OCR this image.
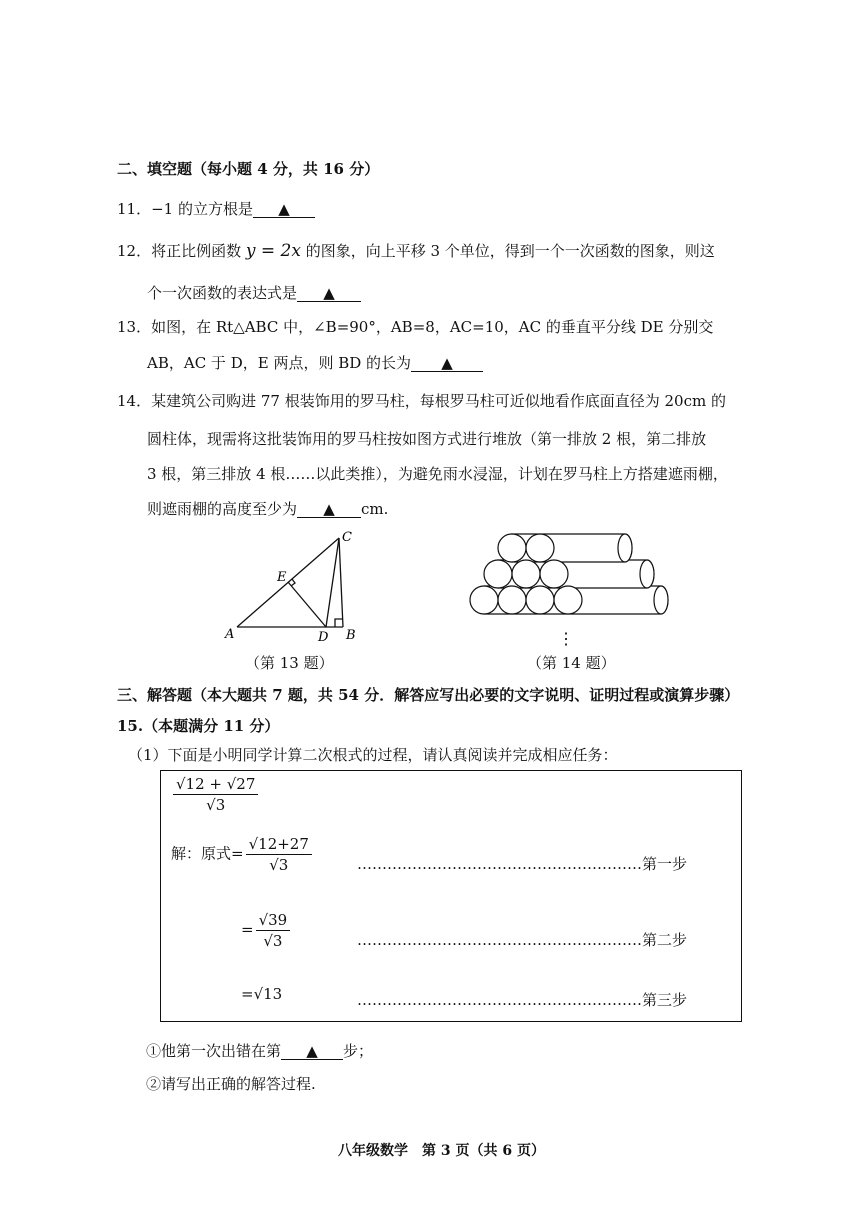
二、填空题（每小题 4 分，共 16 分）
11．−1 的立方根是 ▲
12．将正比例函数 y = 2x 的图象，向上平移 3 个单位，得到一个一次函数的图象，则这
个一次函数的表达式是 ▲
13．如图，在 Rt△ABC 中，∠B=90°，AB=8，AC=10，AC 的垂直平分线 DE 分别交
AB，AC 于 D，E 两点，则 BD 的长为 ▲
14．某建筑公司购进 77 根装饰用的罗马柱，每根罗马柱可近似地看作底面直径为 20cm 的
圆柱体，现需将这批装饰用的罗马柱按如图方式进行堆放（第一排放 2 根，第二排放
3 根，第三排放 4 根……以此类推），为避免雨水浸湿，计划在罗马柱上方搭建遮雨棚，
则遮雨棚的高度至少为 ▲ cm.
A	B
C
D
E
（第 13 题）
⋮
（第 14 题）
三、解答题（本大题共 7 题，共 54 分．解答应写出必要的文字说明、证明过程或演算步骤）
15.（本题满分 11 分）
（1）下面是小明同学计算二次根式的过程，请认真阅读并完成相应任务：
$\frac{√12 + √27}{√3}$
解：原式= $\frac{√12+27}{√3}$	…………………………………………………第一步
= $\frac{√39}{√3}$	…………………………………………………第二步
=√13	…………………………………………………第三步
①他第一次出错在第 ▲ 步；
②请写出正确的解答过程.
八年级数学　第 3 页（共 6 页）
